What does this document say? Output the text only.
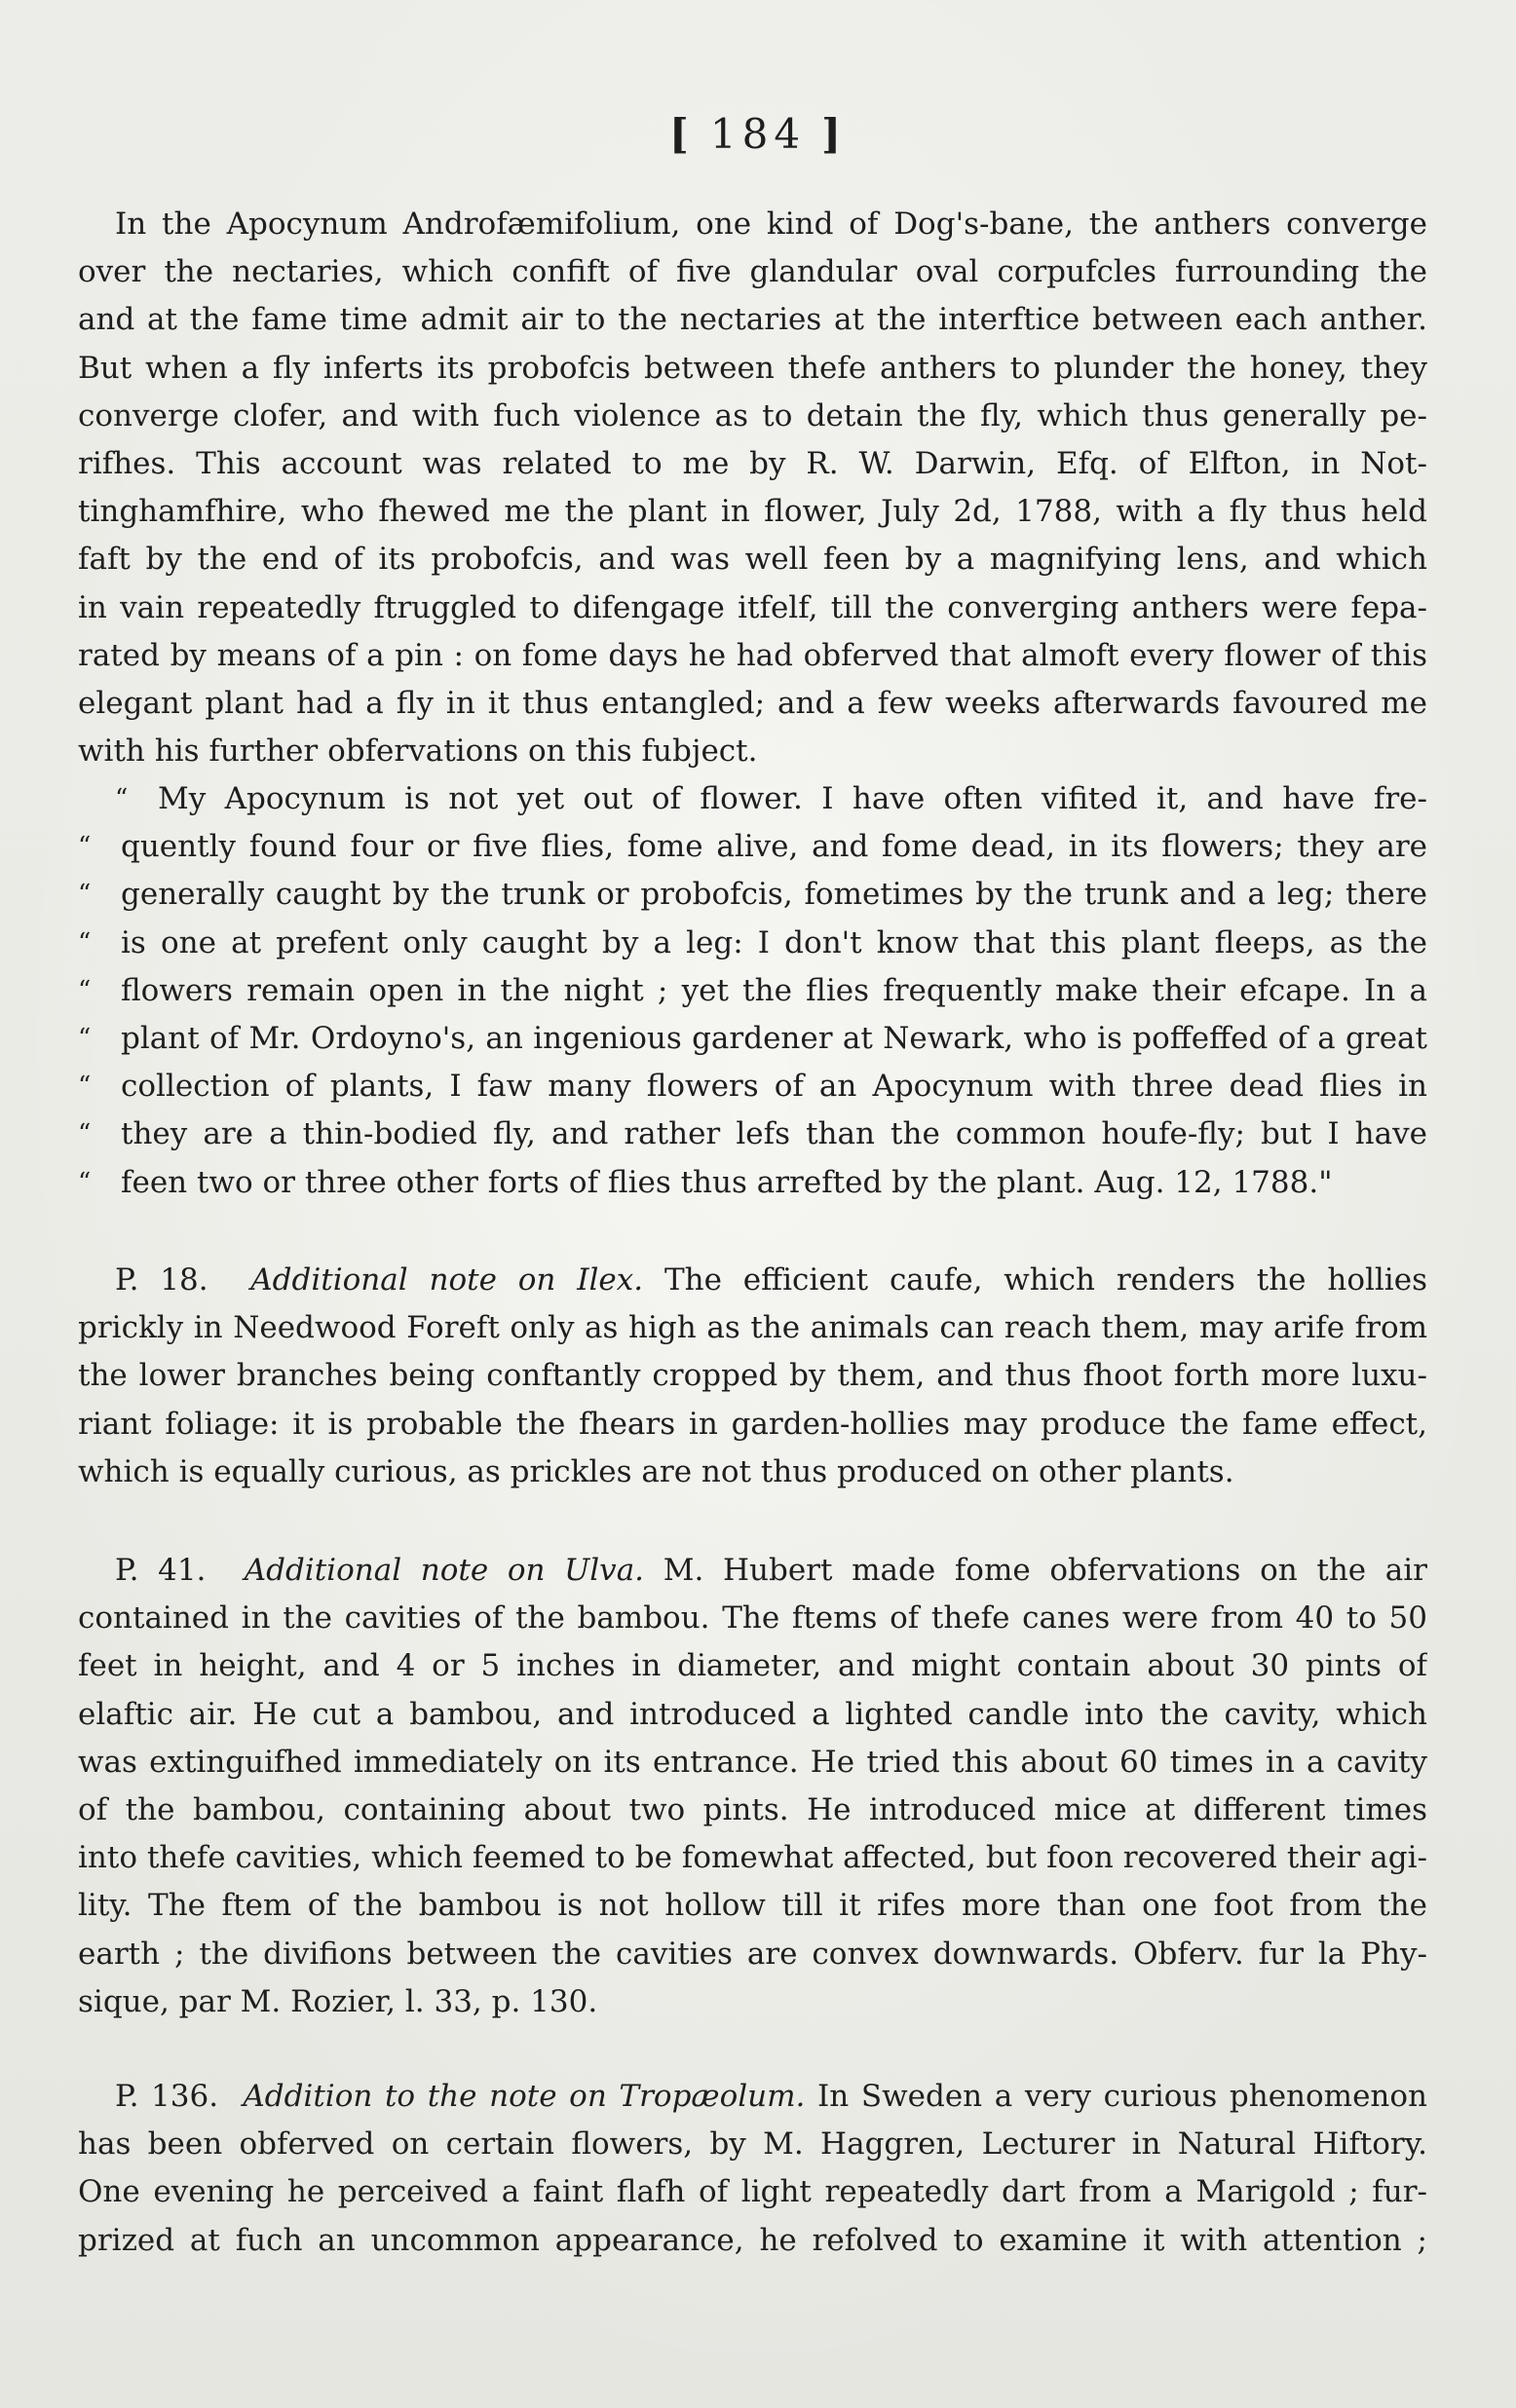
[ 184 ]
In the Apocynum Androfæmifolium, one kind of Dog's-bane, the anthers converge
over the nectaries, which confift of five glandular oval corpufcles furrounding the
and at the fame time admit air to the nectaries at the interftice between each anther.
But when a fly inferts its probofcis between thefe anthers to plunder the honey, they
converge clofer, and with fuch violence as to detain the fly, which thus generally pe-
rifhes. This account was related to me by R. W. Darwin, Efq. of Elfton, in Not-
tinghamfhire, who fhewed me the plant in flower, July 2d, 1788, with a fly thus held
faft by the end of its probofcis, and was well feen by a magnifying lens, and which
in vain repeatedly ftruggled to difengage itfelf, till the converging anthers were fepa-
rated by means of a pin : on fome days he had obferved that almoft every flower of this
elegant plant had a fly in it thus entangled; and a few weeks afterwards favoured me
with his further obfervations on this fubject.
“ My Apocynum is not yet out of flower. I have often vifited it, and have fre-
“ quently found four or five flies, fome alive, and fome dead, in its flowers; they are
“ generally caught by the trunk or probofcis, fometimes by the trunk and a leg; there
“ is one at prefent only caught by a leg: I don't know that this plant fleeps, as the
“ flowers remain open in the night ; yet the flies frequently make their efcape. In a
“ plant of Mr. Ordoyno's, an ingenious gardener at Newark, who is poffeffed of a great
“ collection of plants, I faw many flowers of an Apocynum with three dead flies in
“ they are a thin-bodied fly, and rather lefs than the common houfe-fly; but I have
“ feen two or three other forts of flies thus arrefted by the plant. Aug. 12, 1788."
P. 18. Additional note on Ilex. The efficient caufe, which renders the hollies
prickly in Needwood Foreft only as high as the animals can reach them, may arife from
the lower branches being conftantly cropped by them, and thus fhoot forth more luxu-
riant foliage: it is probable the fhears in garden-hollies may produce the fame effect,
which is equally curious, as prickles are not thus produced on other plants.
P. 41. Additional note on Ulva. M. Hubert made fome obfervations on the air
contained in the cavities of the bambou. The ftems of thefe canes were from 40 to 50
feet in height, and 4 or 5 inches in diameter, and might contain about 30 pints of
elaftic air. He cut a bambou, and introduced a lighted candle into the cavity, which
was extinguifhed immediately on its entrance. He tried this about 60 times in a cavity
of the bambou, containing about two pints. He introduced mice at different times
into thefe cavities, which feemed to be fomewhat affected, but foon recovered their agi-
lity. The ftem of the bambou is not hollow till it rifes more than one foot from the
earth ; the divifions between the cavities are convex downwards. Obferv. fur la Phy-
sique, par M. Rozier, l. 33, p. 130.
P. 136. Addition to the note on Tropæolum. In Sweden a very curious phenomenon
has been obferved on certain flowers, by M. Haggren, Lecturer in Natural Hiftory.
One evening he perceived a faint flafh of light repeatedly dart from a Marigold ; fur-
prized at fuch an uncommon appearance, he refolved to examine it with attention ;
